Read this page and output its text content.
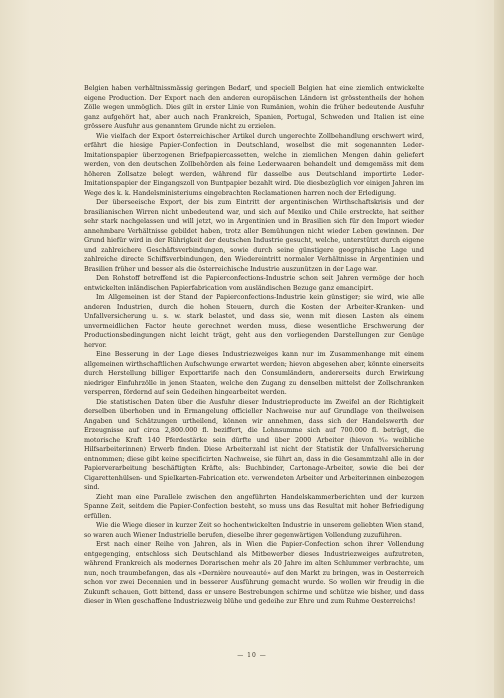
Belgien haben verhältnissmässig geringen Bedarf, und speciell Belgien hat eine ziemlich entwickelte eigene Production. Der Export nach den anderen europäischen Ländern ist grösstentheils der hohen Zölle wegen unmöglich. Dies gilt in erster Linie von Rumänien, wohin die früher bedeutende Ausfuhr ganz aufgehört hat, aber auch nach Frankreich, Spanien, Portugal, Schweden und Italien ist eine grössere Ausfuhr aus genanntem Grunde nicht zu erzielen.

Wie vielfach der Export österreichischer Artikel durch ungerechte Zollbehandlung erschwert wird, erfährt die hiesige Papier-Confection in Deutschland, woselbst die mit sogenannten Leder-Imitationspapier überzogenen Briefpapiercassetten, welche in ziemlichen Mengen dahin geliefert werden, von den deutschen Zollbehörden als feine Lederwaaren behandelt und demgemäss mit dem höheren Zollsatze belegt werden, während für dasselbe aus Deutschland importirte Leder-Imitationspapier der Eingangszoll von Buntpapier bezahlt wird. Die diesbezüglich vor einigen Jahren im Wege des k. k. Handelsministeriums eingebrachten Reclamationen harren noch der Erledigung.

Der überseeische Export, der bis zum Eintritt der argentinischen Wirthschaftskrisis und der brasilianischen Wirren nicht unbedeutend war, und sich auf Mexiko und Chile erstreckte, hat seither sehr stark nachgelassen und will jetzt, wo in Argentinien und in Brasilien sich für den Import wieder annehmbare Verhältnisse gebildet haben, trotz aller Bemühungen nicht wieder Leben gewinnen. Der Grund hiefür wird in der Rührigkeit der deutschen Industrie gesucht, welche, unterstützt durch eigene und zahlreichere Geschäftsverbindungen, sowie durch seine günstigere geographische Lage und zahlreiche directe Schiffsverbindungen, den Wiedereintritt normaler Verhältnisse in Argentinien und Brasilien früher und besser als die österreichische Industrie auszunützen in der Lage war.

Den Rohstoff betreffend ist die Papierconfections-Industrie schon seit Jahren vermöge der hoch entwickelten inländischen Papierfabrication vom ausländischen Bezuge ganz emancipirt.

Im Allgemeinen ist der Stand der Papierconfections-Industrie kein günstiger; sie wird, wie alle anderen Industrien, durch die hohen Steuern, durch die Kosten der Arbeiter-Kranken- und Unfallversicherung u. s. w. stark belastet, und dass sie, wenn mit diesen Lasten als einem unvermeidlichen Factor heute gerechnet werden muss, diese wesentliche Erschwerung der Productionsbedingungen nicht leicht trägt, geht aus den vorliegenden Darstellungen zur Genüge hervor.

Eine Besserung in der Lage dieses Industriezweiges kann nur im Zusammenhange mit einem allgemeinen wirthschaftlichen Aufschwunge erwartet werden; hievon abgesehen aber, könnte einerseits durch Herstellung billiger Exporttarife nach den Consumländern, andererseits durch Erwirkung niedriger Einfuhrzölle in jenen Staaten, welche den Zugang zu denselben mittelst der Zollschranken versperren, fördernd auf sein Gedeihen hingearbeitet werden.

Die statistischen Daten über die Ausfuhr dieser Industrieproducte im Zweifel an der Richtigkeit derselben überhoben und in Ermangelung officieller Nachweise nur auf Grundlage von theilweisen Angaben und Schätzungen urtheilend, können wir annehmen, dass sich der Handelswerth der Erzeugnisse auf circa 2,800.000 fl. beziffert, die Lohnsumme sich auf 700.000 fl. beträgt, die motorische Kraft 140 Pferdestärke sein dürfte und über 2000 Arbeiter (hievon ⁹⁄₁₀ weibliche Hilfsarbeiterinnen) Erwerb finden. Diese Arbeiterzahl ist nicht der Statistik der Unfallversicherung entnommen; diese gibt keine specificirten Nachweise, sie führt an, dass in die Gesammtzahl alle in der Papierverarbeitung beschäftigten Kräfte, als: Buchbinder, Cartonage-Arbeiter, sowie die bei der Cigarettenhülsen- und Spielkarten-Fabrication etc. verwendeten Arbeiter und Arbeiterinnen einbezogen sind.

Zieht man eine Parallele zwischen den angeführten Handelskammerberichten und der kurzen Spanne Zeit, seitdem die Papier-Confection besteht, so muss uns das Resultat mit hoher Befriedigung erfüllen.

Wie die Wiege dieser in kurzer Zeit so hochentwickelten Industrie in unserem geliebten Wien stand, so waren auch Wiener Industrielle berufen, dieselbe ihrer gegenwärtigen Vollendung zuzuführen.

Erst nach einer Reihe von Jahren, als in Wien die Papier-Confection schon ihrer Vollendung entgegenging, entschloss sich Deutschland als Mitbewerber dieses Industriezweiges aufzutreten, während Frankreich als modernes Dorarischen mehr als 20 Jahre im alten Schlummer verbrachte, um nun, noch traumbefangen, das als «Dernière nouveauté» auf den Markt zu bringen, was in Oesterreich schon vor zwei Decennien und in besserer Ausführung gemacht wurde. So wollen wir freudig in die Zukunft schauen, Gott bittend, dass er unsere Bestrebungen schirme und schütze wie bisher, und dass dieser in Wien geschaffene Industriezweig blühe und gedeihe zur Ehre und zum Ruhme Oesterreichs!

— 10 —
